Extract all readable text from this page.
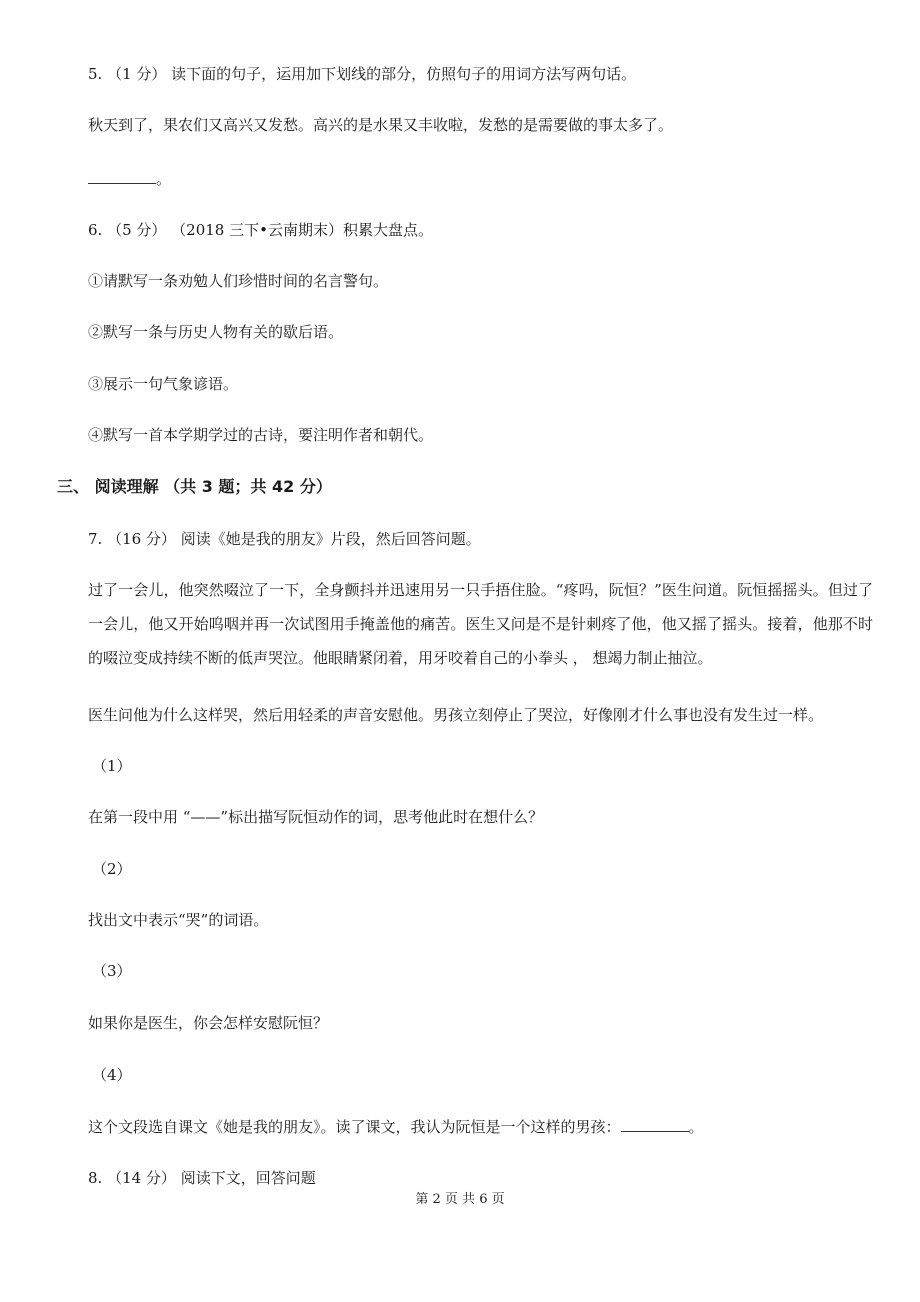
5. （1 分） 读下面的句子，运用加下划线的部分，仿照句子的用词方法写两句话。
秋天到了，果农们又高兴又发愁。高兴的是水果又丰收啦，发愁的是需要做的事太多了。
。
6. （5 分） （2018 三下•云南期末）积累大盘点。
①请默写一条劝勉人们珍惜时间的名言警句。
②默写一条与历史人物有关的歇后语。
③展示一句气象谚语。
④默写一首本学期学过的古诗，要注明作者和朝代。
三、 阅读理解 （共 3 题；共 42 分）
7. （16 分） 阅读《她是我的朋友》片段，然后回答问题。
过了一会儿，他突然啜泣了一下，全身颤抖并迅速用另一只手捂住脸。“疼吗，阮恒？”医生问道。阮恒摇摇头。但过了一会儿，他又开始呜咽并再一次试图用手掩盖他的痛苦。医生又问是不是针刺疼了他，他又摇了摇头。接着，他那不时的啜泣变成持续不断的低声哭泣。他眼睛紧闭着，用牙咬着自己的小拳头 ， 想竭力制止抽泣。
医生问他为什么这样哭，然后用轻柔的声音安慰他。男孩立刻停止了哭泣，好像刚才什么事也没有发生过一样。
（1）
在第一段中用 “——”标出描写阮恒动作的词，思考他此时在想什么？
（2）
找出文中表示“哭”的词语。
（3）
如果你是医生，你会怎样安慰阮恒？
（4）
这个文段选自课文《她是我的朋友》。读了课文，我认为阮恒是一个这样的男孩：	。
8. （14 分） 阅读下文，回答问题
第 2 页 共 6 页
